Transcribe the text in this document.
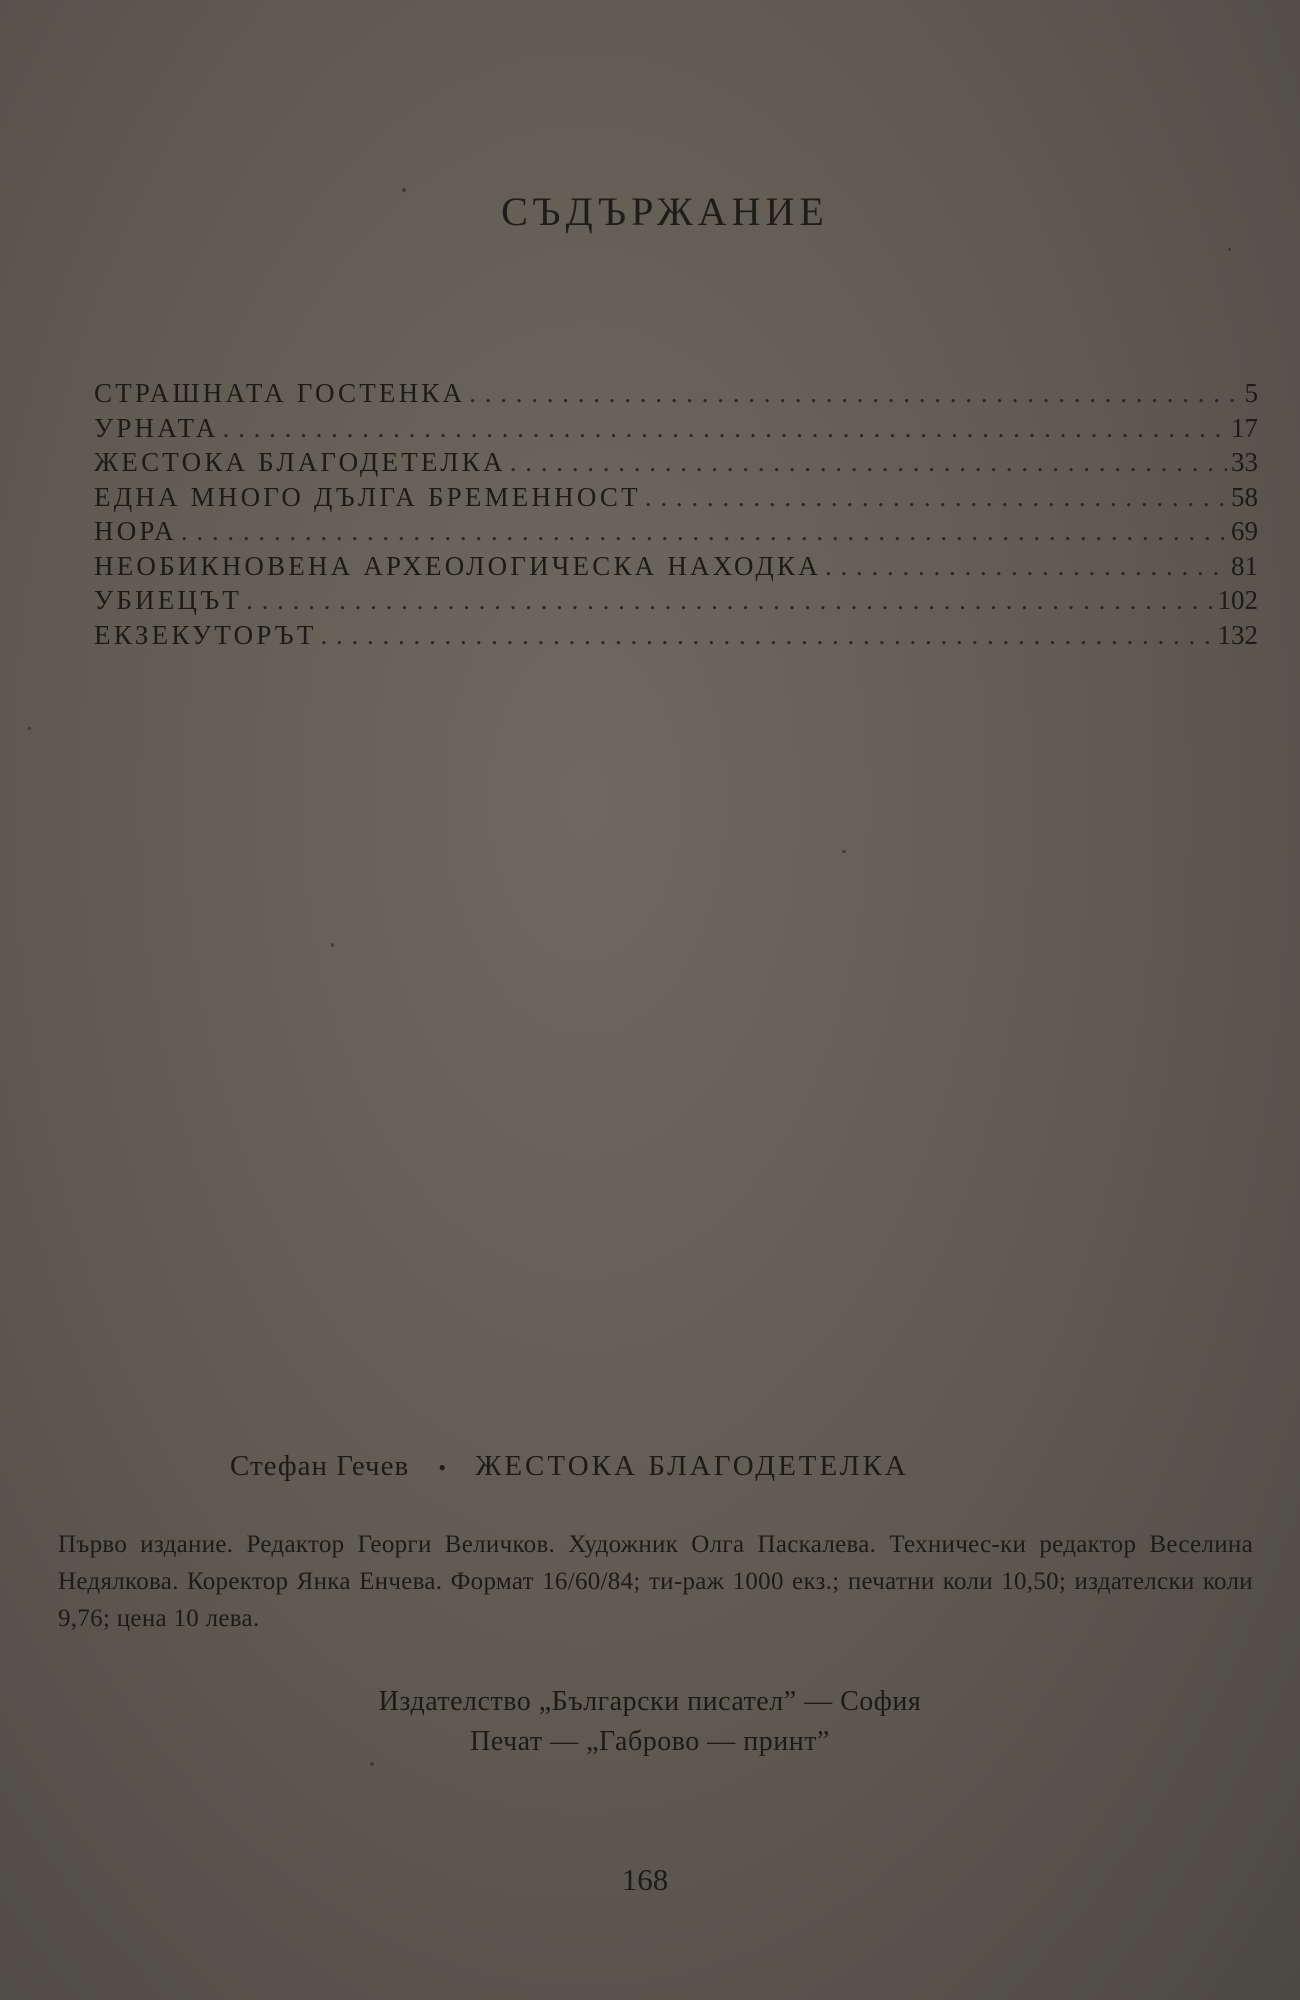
СЪДЪРЖАНИЕ
СТРАШНАТА ГОСТЕНКА . . .	5
УРНАТА . . .	17
ЖЕСТОКА БЛАГОДЕТЕЛКА . . .	33
ЕДНА МНОГО ДЪЛГА БРЕМЕННОСТ . . .	58
НОРА . . .	69
НЕОБИКНОВЕНА АРХЕОЛОГИЧЕСКА НАХОДКА . . .	81
УБИЕЦЪТ . . .	102
ЕКЗЕКУТОРЪТ . . .	132
Стефан Гечев • ЖЕСТОКА БЛАГОДЕТЕЛКА
Първо издание. Редактор Георги Величков. Художник Олга Паскалева. Техничес-ки редактор Веселина Недялкова. Коректор Янка Енчева. Формат 16/60/84; ти-раж 1000 екз.; печатни коли 10,50; издателски коли 9,76; цена 10 лева.
Издателство „Български писател” — София
Печат — „Габрово — принт”
168
